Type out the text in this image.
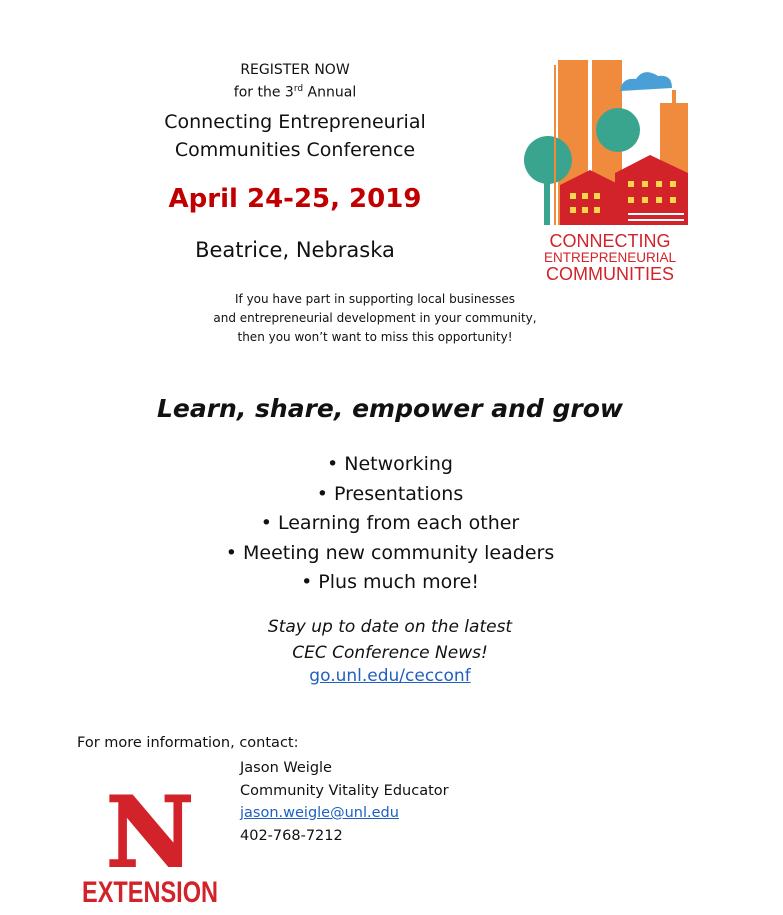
REGISTER NOW
for the 3rd Annual
Connecting Entrepreneurial
Communities Conference
April 24-25, 2019
Beatrice, Nebraska
If you have part in supporting local businesses
and entrepreneurial development in your community,
then you won’t want to miss this opportunity!
Learn, share, empower and grow
• Networking
• Presentations
• Learning from each other
• Meeting new community leaders
• Plus much more!
Stay up to date on the latest
CEC Conference News!
go.unl.edu/cecconf
For more information, contact:
Jason Weigle
Community Vitality Educator
jason.weigle@unl.edu
402-768-7212
CONNECTING
ENTREPRENEURIAL
COMMUNITIES
N
EXTENSION
